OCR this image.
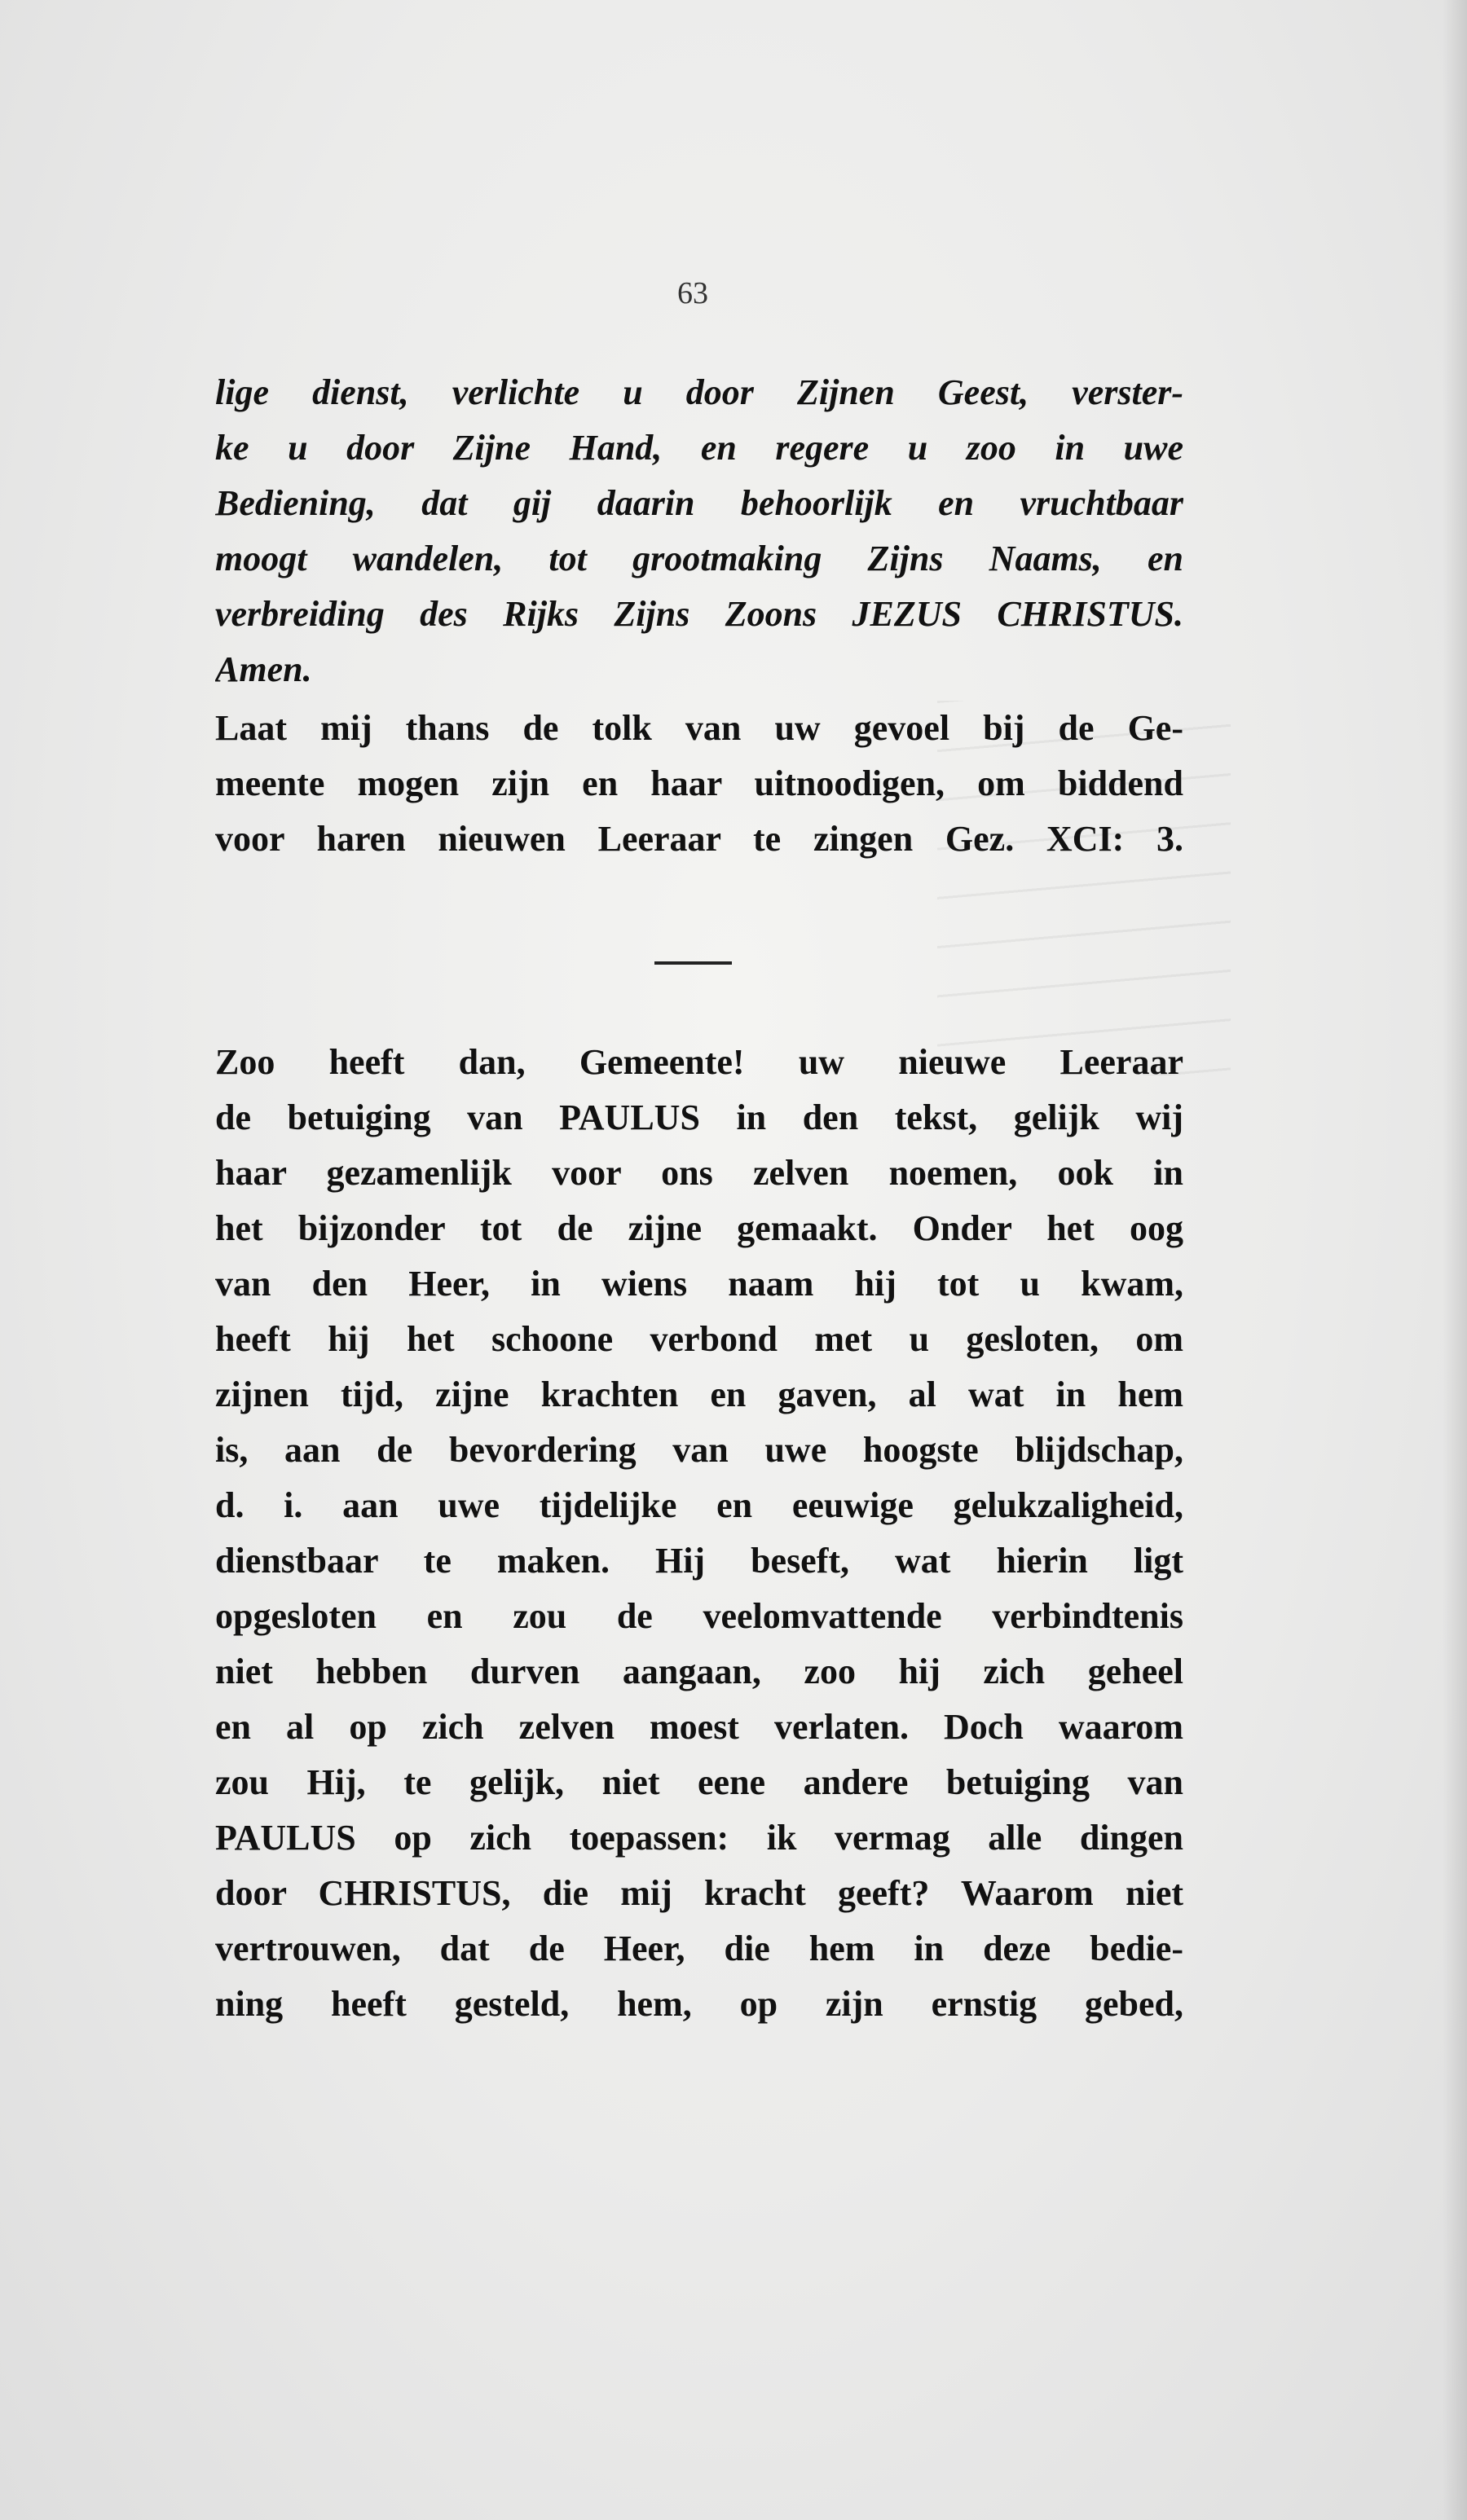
63
lige dienst, verlichte u door Zijnen Geest, verster-
ke u door Zijne Hand, en regere u zoo in uwe
Bediening, dat gij daarin behoorlijk en vruchtbaar
moogt wandelen, tot grootmaking Zijns Naams, en
verbreiding des Rijks Zijns Zoons JEZUS CHRISTUS.
Amen.
Laat mij thans de tolk van uw gevoel bij de Ge-
meente mogen zijn en haar uitnoodigen, om biddend
voor haren nieuwen Leeraar te zingen Gez. XCI: 3.
Zoo heeft dan, Gemeente! uw nieuwe Leeraar
de betuiging van PAULUS in den tekst, gelijk wij
haar gezamenlijk voor ons zelven noemen, ook in
het bijzonder tot de zijne gemaakt. Onder het oog
van den Heer, in wiens naam hij tot u kwam,
heeft hij het schoone verbond met u gesloten, om
zijnen tijd, zijne krachten en gaven, al wat in hem
is, aan de bevordering van uwe hoogste blijdschap,
d. i. aan uwe tijdelijke en eeuwige gelukzaligheid,
dienstbaar te maken. Hij beseft, wat hierin ligt
opgesloten en zou de veelomvattende verbindtenis
niet hebben durven aangaan, zoo hij zich geheel
en al op zich zelven moest verlaten. Doch waarom
zou Hij, te gelijk, niet eene andere betuiging van
PAULUS op zich toepassen: ik vermag alle dingen
door CHRISTUS, die mij kracht geeft? Waarom niet
vertrouwen, dat de Heer, die hem in deze bedie-
ning heeft gesteld, hem, op zijn ernstig gebed,
